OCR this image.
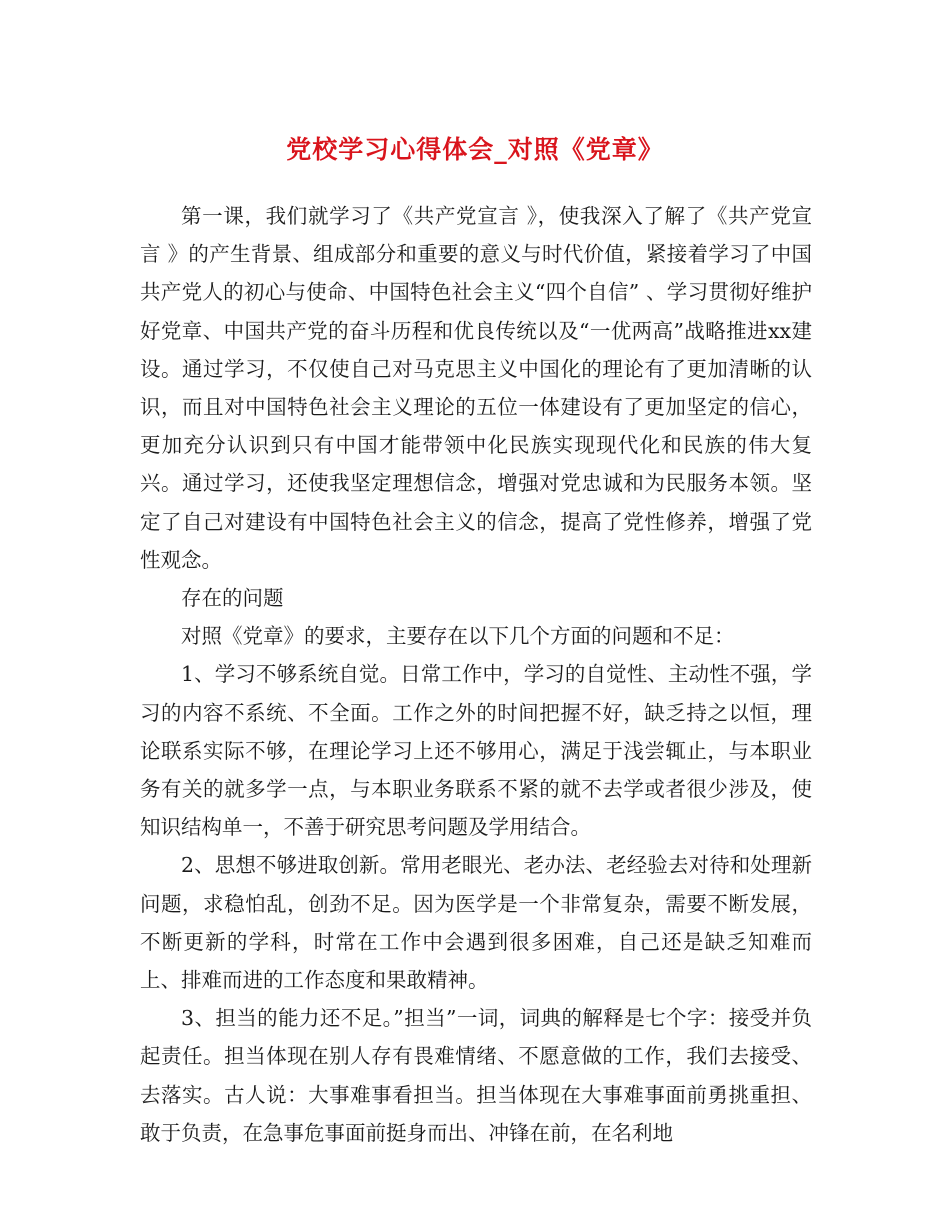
党校学习心得体会_对照《党章》

第一课，我们就学习了《共产党宣言 》，使我深入了解了《共产党宣言 》的产生背景、组成部分和重要的意义与时代价值，紧接着学习了中国共产党人的初心与使命、中国特色社会主义“四个自信” 、学习贯彻好维护好党章、中国共产党的奋斗历程和优良传统以及“一优两高”战略推进xx建设。通过学习，不仅使自己对马克思主义中国化的理论有了更加清晰的认识，而且对中国特色社会主义理论的五位一体建设有了更加坚定的信心，更加充分认识到只有中国才能带领中化民族实现现代化和民族的伟大复兴。通过学习，还使我坚定理想信念，增强对党忠诚和为民服务本领。坚定了自己对建设有中国特色社会主义的信念，提高了党性修养，增强了党性观念。

存在的问题

对照《党章》的要求，主要存在以下几个方面的问题和不足：

1、学习不够系统自觉。日常工作中，学习的自觉性、主动性不强，学习的内容不系统、不全面。工作之外的时间把握不好，缺乏持之以恒，理论联系实际不够，在理论学习上还不够用心，满足于浅尝辄止，与本职业务有关的就多学一点，与本职业务联系不紧的就不去学或者很少涉及，使知识结构单一，不善于研究思考问题及学用结合。

2、思想不够进取创新。常用老眼光、老办法、老经验去对待和处理新问题，求稳怕乱，创劲不足。因为医学是一个非常复杂，需要不断发展，不断更新的学科，时常在工作中会遇到很多困难，自己还是缺乏知难而上、排难而进的工作态度和果敢精神。

3、担当的能力还不足。”担当”一词，词典的解释是七个字：接受并负起责任。担当体现在别人存有畏难情绪、不愿意做的工作，我们去接受、去落实。古人说：大事难事看担当。担当体现在大事难事面前勇挑重担、敢于负责，在急事危事面前挺身而出、冲锋在前，在名利地
